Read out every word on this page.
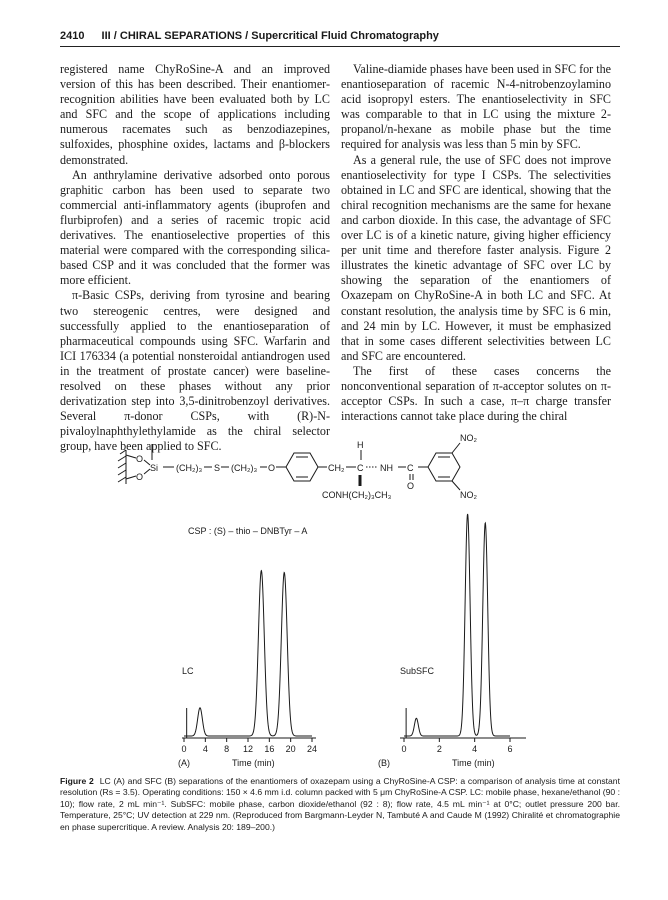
2410 III / CHIRAL SEPARATIONS / Supercritical Fluid Chromatography

registered name ChyRoSine-A and an improved version of this has been described. Their enantiomer-recognition abilities have been evaluated both by LC and SFC and the scope of applications including numerous racemates such as benzodiazepines, sulfoxides, phosphine oxides, lactams and β-blockers demonstrated.

An anthrylamine derivative adsorbed onto porous graphitic carbon has been used to separate two commercial anti-inflammatory agents (ibuprofen and flurbiprofen) and a series of racemic tropic acid derivatives. The enantioselective properties of this material were compared with the corresponding silica-based CSP and it was concluded that the former was more efficient.

π-Basic CSPs, deriving from tyrosine and bearing two stereogenic centres, were designed and successfully applied to the enantioseparation of pharmaceutical compounds using SFC. Warfarin and ICI 176334 (a potential nonsteroidal antiandrogen used in the treatment of prostate cancer) were baseline-resolved on these phases without any prior derivatization step into 3,5-dinitrobenzoyl derivatives. Several π-donor CSPs, with (R)-N-pivaloylnaphthylethylamide as the chiral selector group, have been applied to SFC.

Valine-diamide phases have been used in SFC for the enantioseparation of racemic N-4-nitrobenzoylamino acid isopropyl esters. The enantioselectivity in SFC was comparable to that in LC using the mixture 2-propanol/n-hexane as mobile phase but the time required for analysis was less than 5 min by SFC.

As a general rule, the use of SFC does not improve enantioselectivity for type I CSPs. The selectivities obtained in LC and SFC are identical, showing that the chiral recognition mechanisms are the same for hexane and carbon dioxide. In this case, the advantage of SFC over LC is of a kinetic nature, giving higher efficiency per unit time and therefore faster analysis. Figure 2 illustrates the kinetic advantage of SFC over LC by showing the separation of the enantiomers of Oxazepam on ChyRoSine-A in both LC and SFC. At constant resolution, the analysis time by SFC is 6 min, and 24 min by LC. However, it must be emphasized that in some cases different selectivities between LC and SFC are encountered.

The first of these cases concerns the nonconventional separation of π-acceptor solutes on π-acceptor CSPs. In such a case, π–π charge transfer interactions cannot take place during the chiral

O
O
Si (CH₂)₃ S (CH₂)₃ O	CH₂
H
C NH C
O
CONH(CH₂)₃CH₃
NO₂
NO₂
CSP : (S) – thio – DNBTyr – A
LC
0 4 8 12 16 20 24
(A)	Time (min)
SubSFC
0	2	4	6
(B)	Time (min)
Figure 2 LC (A) and SFC (B) separations of the enantiomers of oxazepam using a ChyRoSine-A CSP: a comparison of analysis time at constant resolution (Rs = 3.5). Operating conditions: 150 × 4.6 mm i.d. column packed with 5 μm ChyRoSine-A CSP. LC: mobile phase, hexane/ethanol (90 : 10); flow rate, 2 mL min⁻¹. SubSFC: mobile phase, carbon dioxide/ethanol (92 : 8); flow rate, 4.5 mL min⁻¹ at 0°C; outlet pressure 200 bar. Temperature, 25°C; UV detection at 229 nm. (Reproduced from Bargmann-Leyder N, Tambuté A and Caude M (1992) Chiralité et chromatographie en phase supercritique. A review. Analysis 20: 189–200.)
